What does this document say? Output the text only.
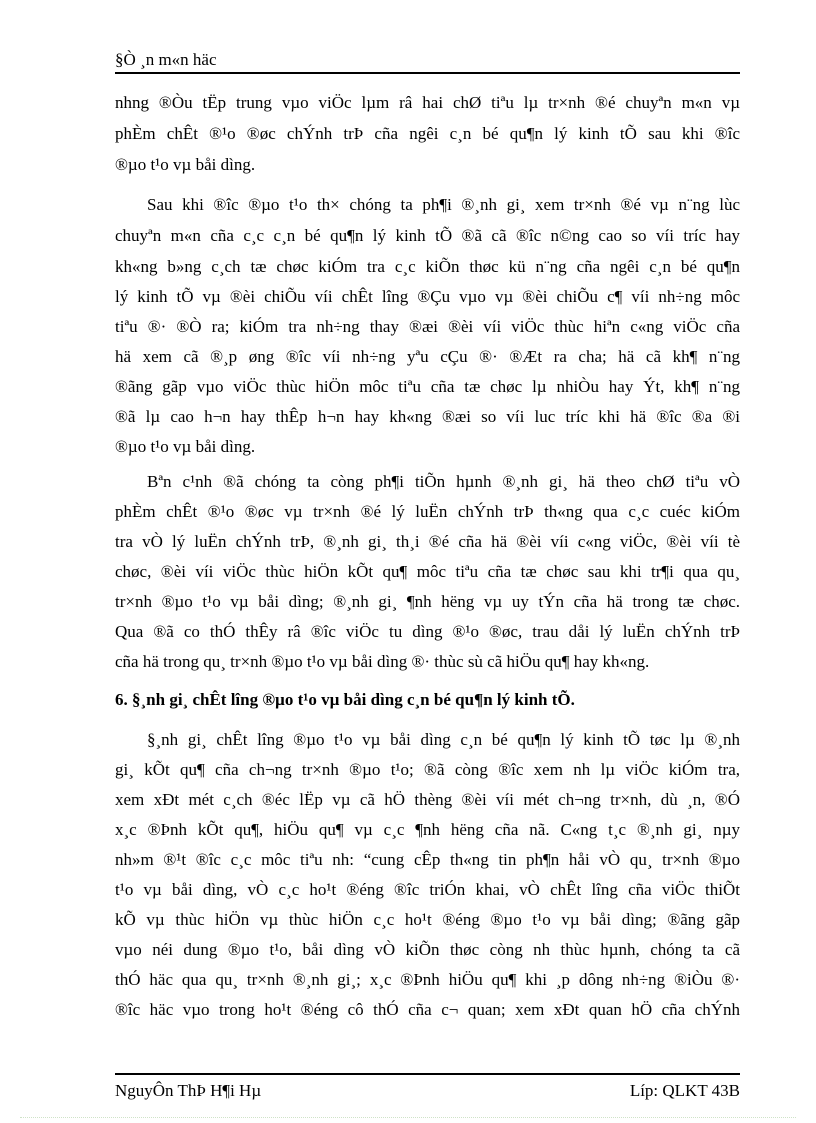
§Ò ¸n m«n häc
nhng ®Òu tËp trung vµo viÖc lµm râ hai chØ tiªu lµ tr×nh ®é chuyªn m«n vµ
phÈm chÊt ®¹o ®øc chÝnh trÞ cña ngêi c¸n bé qu¶n lý kinh tÕ sau khi ®îc
®µo t¹o vµ båi dìng.
Sau khi ®îc ®µo t¹o th× chóng ta ph¶i ®¸nh gi¸ xem tr×nh ®é vµ n¨ng lùc
chuyªn m«n cña c¸c c¸n bé qu¶n lý kinh tÕ ®ã cã ®îc n©ng cao so víi tríc hay
kh«ng b»ng c¸ch tæ chøc kiÓm tra c¸c kiÕn thøc kü n¨ng cña ngêi c¸n bé qu¶n
lý kinh tÕ vµ ®èi chiÕu víi chÊt lîng ®Çu vµo vµ ®èi chiÕu c¶ víi nh÷ng môc
tiªu ®· ®Ò ra; kiÓm tra nh÷ng thay ®æi ®èi víi viÖc thùc hiªn c«ng viÖc cña
hä xem cã ®¸p øng ®îc víi nh÷ng yªu cÇu ®· ®Æt ra cha; hä cã kh¶ n¨ng
®ãng gãp vµo viÖc thùc hiÖn môc tiªu cña tæ chøc lµ nhiÒu hay Ýt, kh¶ n¨ng
®ã lµ cao h¬n hay thÊp h¬n hay kh«ng ®æi so víi luc tríc khi hä ®îc ®a ®i
®µo t¹o vµ båi dìng.
Bªn c¹nh ®ã chóng ta còng ph¶i tiÕn hµnh ®¸nh gi¸ hä theo chØ tiªu vÒ
phÈm chÊt ®¹o ®øc vµ tr×nh ®é lý luËn chÝnh trÞ th«ng qua c¸c cuéc kiÓm
tra vÒ lý luËn chÝnh trÞ, ®¸nh gi¸ th¸i ®é cña hä ®èi víi c«ng viÖc, ®èi víi tè
chøc, ®èi víi viÖc thùc hiÖn kÕt qu¶ môc tiªu cña tæ chøc sau khi tr¶i qua qu¸
tr×nh ®µo t¹o vµ båi dìng; ®¸nh gi¸ ¶nh hëng vµ uy tÝn cña hä trong tæ chøc.
Qua ®ã co thÓ thÊy râ ®îc viÖc tu dìng ®¹o ®øc, trau dåi lý luËn chÝnh trÞ
cña hä trong qu¸ tr×nh ®µo t¹o vµ båi dìng ®· thùc sù cã hiÖu qu¶ hay kh«ng.
§¸nh gi¸ chÊt lîng ®µo t¹o vµ båi dìng c¸n bé qu¶n lý kinh tÕ tøc lµ ®¸nh
gi¸ kÕt qu¶ cña ch¬ng tr×nh ®µo t¹o; ®ã còng ®îc xem nh lµ viÖc kiÓm tra,
xem xÐt mét c¸ch ®éc lËp vµ cã hÖ thèng ®èi víi mét ch¬ng tr×nh, dù ¸n, ®Ó
x¸c ®Þnh kÕt qu¶, hiÖu qu¶ vµ c¸c ¶nh hëng cña nã. C«ng t¸c ®¸nh gi¸ nµy
nh»m ®¹t ®îc c¸c môc tiªu nh: “cung cÊp th«ng tin ph¶n håi vÒ qu¸ tr×nh ®µo
t¹o vµ båi dìng, vÒ c¸c ho¹t ®éng ®îc triÓn khai, vÒ chÊt lîng cña viÖc thiÕt
kÕ vµ thùc hiÖn vµ thùc hiÖn c¸c ho¹t ®éng ®µo t¹o vµ båi dìng; ®ãng gãp
vµo néi dung ®µo t¹o, båi dìng vÒ kiÕn thøc còng nh thùc hµnh, chóng ta cã
thÓ häc qua qu¸ tr×nh ®¸nh gi¸; x¸c ®Þnh hiÖu qu¶ khi ¸p dông nh÷ng ®iÒu ®·
®îc häc vµo trong ho¹t ®éng cô thÓ cña c¬ quan; xem xÐt quan hÖ cña chÝnh
6. §¸nh gi¸ chÊt lîng ®µo t¹o vµ båi dìng c¸n bé qu¶n lý kinh tÕ.
NguyÔn ThÞ H¶i Hµ	Líp: QLKT 43B
